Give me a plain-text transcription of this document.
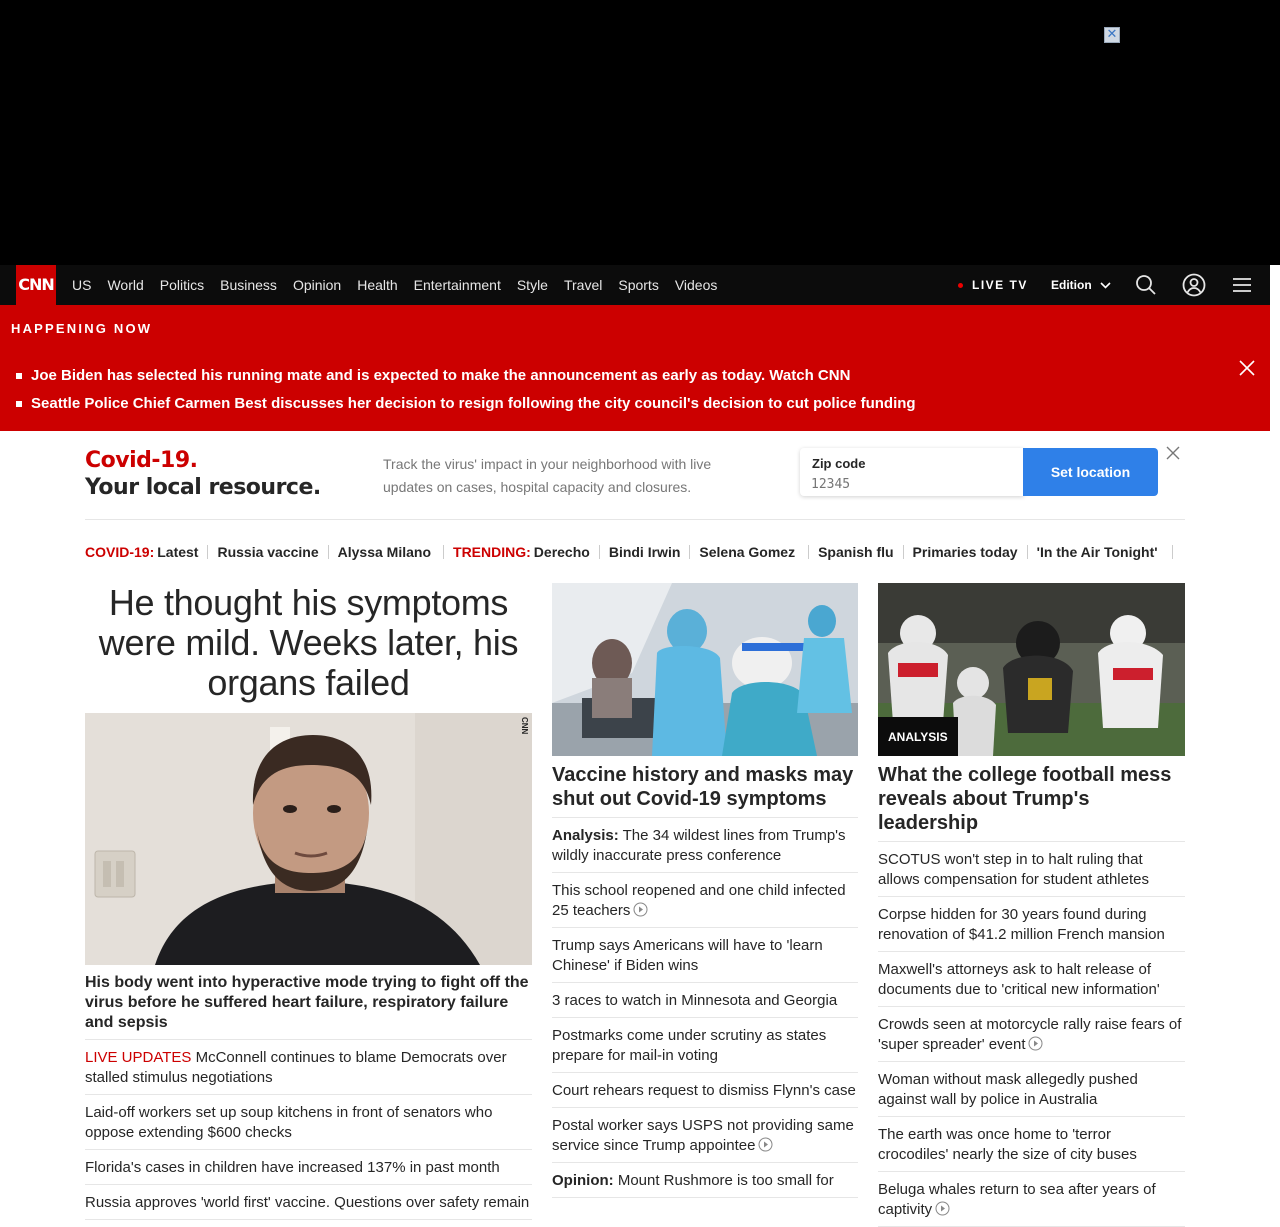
✕
CNN US World Politics Business Opinion Health Entertainment Style Travel Sports Videos	LIVE TV Edition
HAPPENING NOW
Joe Biden has selected his running mate and is expected to make the announcement as early as today. Watch CNN
Seattle Police Chief Carmen Best discusses her decision to resign following the city council's decision to cut police funding
Covid-19.
Your local resource.
Track the virus' impact in your neighborhood with live updates on cases, hospital capacity and closures.
Zip code
12345
Set location
COVID-19: Latest Russia vaccine Alyssa Milano TRENDING: Derecho Bindi Irwin Selena Gomez Spanish flu Primaries today 'In the Air Tonight'
He thought his symptoms were mild. Weeks later, his organs failed
CNN
His body went into hyperactive mode trying to fight off the virus before he suffered heart failure, respiratory failure and sepsis
LIVE UPDATES McConnell continues to blame Democrats over stalled stimulus negotiations
Laid-off workers set up soup kitchens in front of senators who oppose extending $600 checks
Florida's cases in children have increased 137% in past month
Russia approves 'world first' vaccine. Questions over safety remain
Vaccine history and masks may shut out Covid-19 symptoms
Analysis: The 34 wildest lines from Trump's wildly inaccurate press conference
This school reopened and one child infected 25 teachers
Trump says Americans will have to 'learn Chinese' if Biden wins
3 races to watch in Minnesota and Georgia
Postmarks come under scrutiny as states prepare for mail-in voting
Court rehears request to dismiss Flynn's case
Postal worker says USPS not providing same service since Trump appointee
Opinion: Mount Rushmore is too small for
ANALYSIS
What the college football mess reveals about Trump's leadership
SCOTUS won't step in to halt ruling that allows compensation for student athletes
Corpse hidden for 30 years found during renovation of $41.2 million French mansion
Maxwell's attorneys ask to halt release of documents due to 'critical new information'
Crowds seen at motorcycle rally raise fears of 'super spreader' event
Woman without mask allegedly pushed against wall by police in Australia
The earth was once home to 'terror crocodiles' nearly the size of city buses
Beluga whales return to sea after years of captivity
